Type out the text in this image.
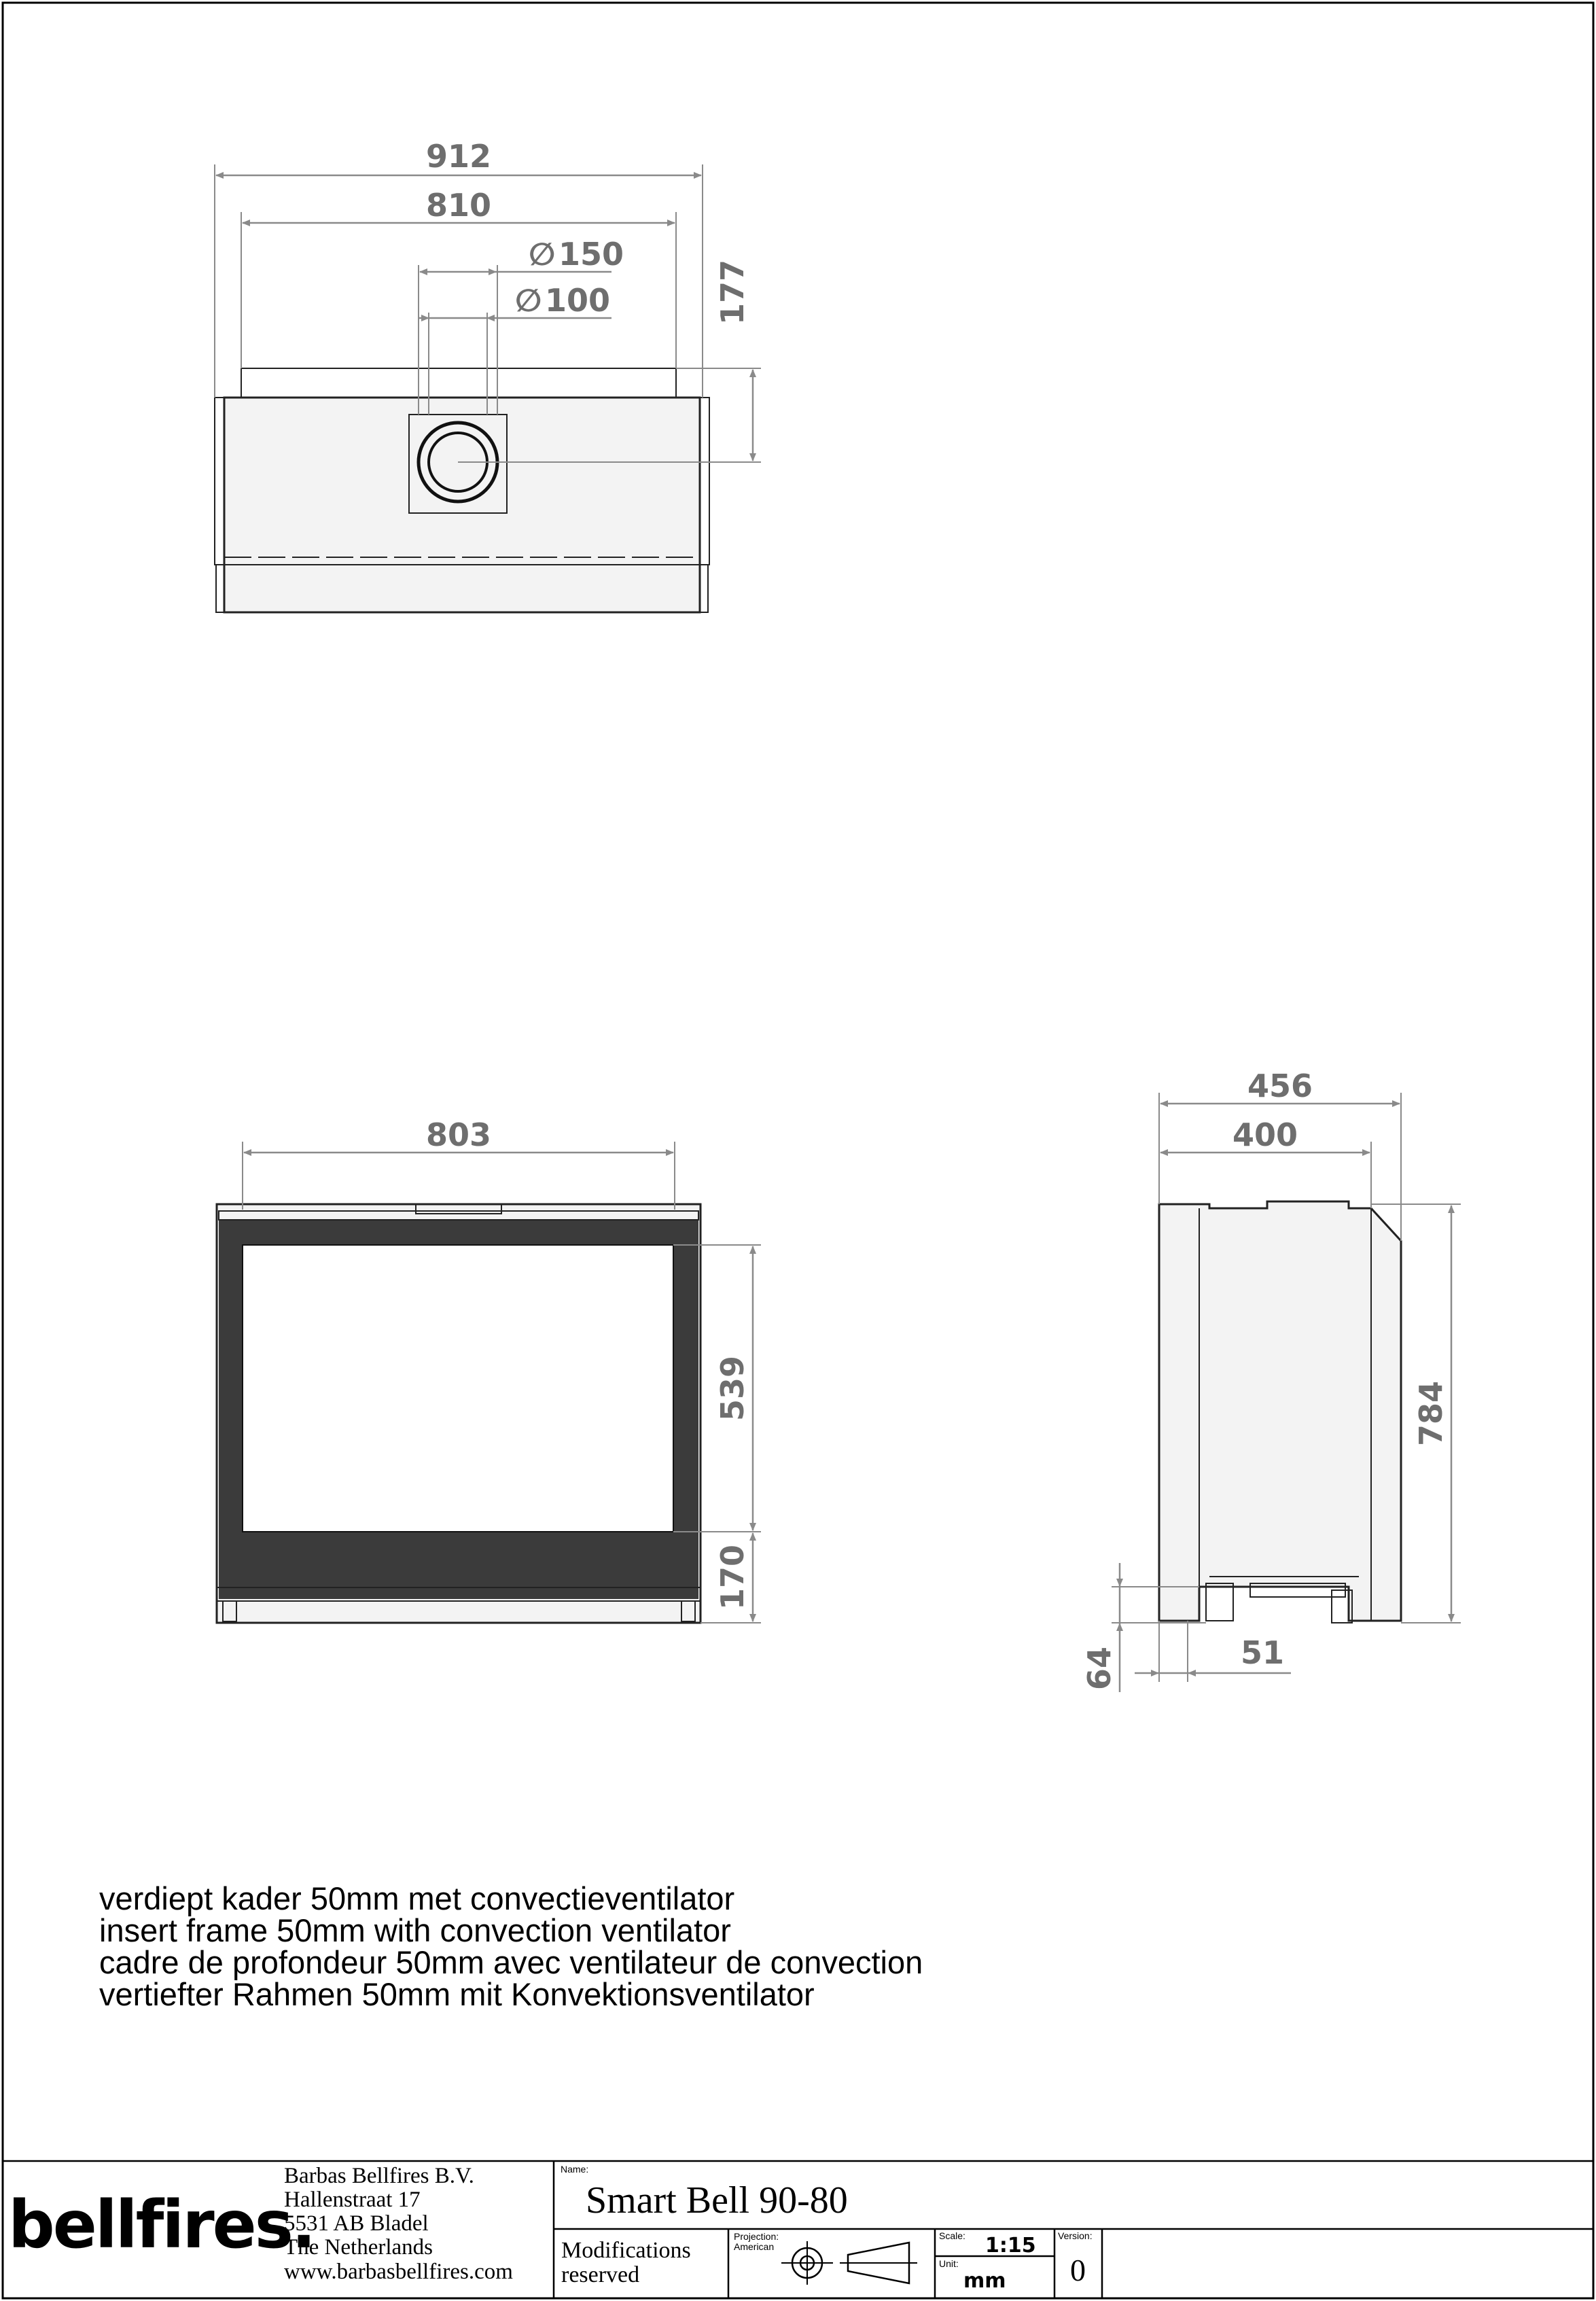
912
810
∅ 150
∅ 100	177
803
539
170
456
400
784
64	51
verdiept kader 50mm met convectieventilator
insert frame 50mm with convection ventilator
cadre de profondeur 50mm avec ventilateur de convection
vertiefter Rahmen 50mm mit Konvektionsventilator
bellfires.
Barbas Bellfires B.V.
Hallenstraat 17
5531 AB Bladel
The Netherlands
www.barbasbellfires.com
Name:
Smart Bell 90-80
Modifications
reserved
Projection:
American
Scale: 1:15
Unit:
mm
Version:
0
